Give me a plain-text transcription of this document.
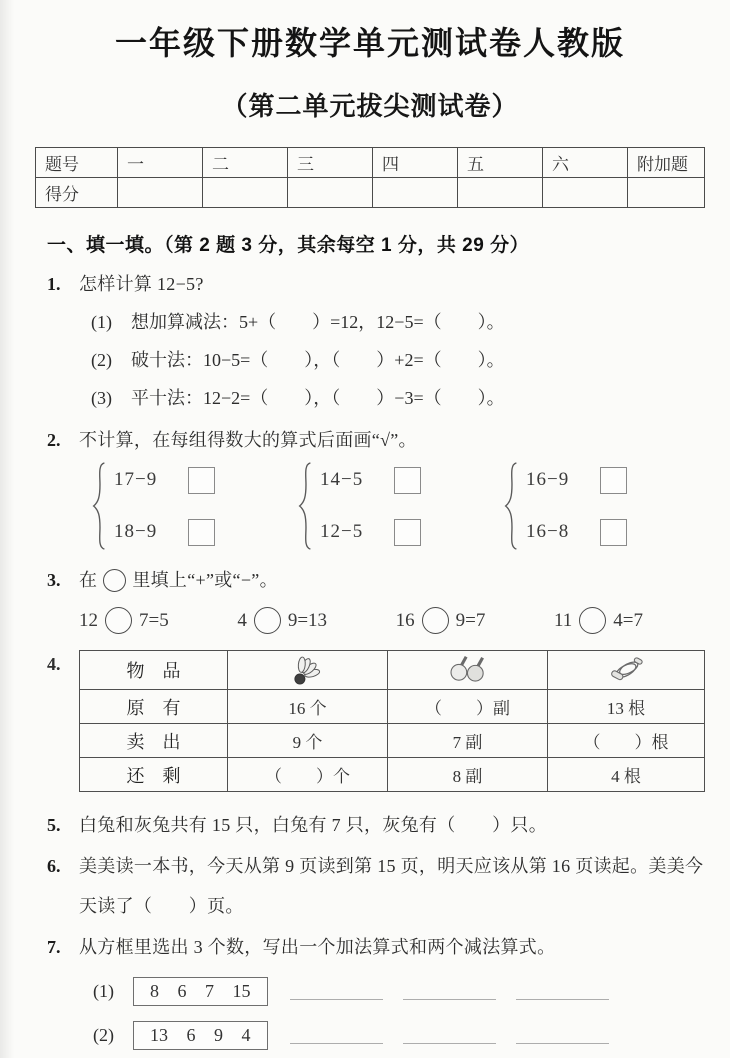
一年级下册数学单元测试卷人教版
（第二单元拔尖测试卷）
题号	一	二	三	四	五	六	附加题
得分							
一、填一填。（第 2 题 3 分，其余每空 1 分，共 29 分）
1.	怎样计算 12−5?
(1)	想加算减法：5+（　　）=12，12−5=（　　）。
(2)	破十法：10−5=（　　），（　　）+2=（　　）。
(3)	平十法：12−2=（　　），（　　）−3=（　　）。
2.	不计算，在每组得数大的算式后面画“√”。
17−9
18−9
14−5
12−5
16−9
16−8
3.	在 里填上“+”或“−”。
12 7=5	4 9=13	16 9=7	11 4=7
4.	物　品			
原　有	16 个	（　　）副	13 根
卖　出	9 个	7 副	（　　）根
还　剩	（　　）个	8 副	4 根
5.	白兔和灰兔共有 15 只，白兔有 7 只，灰兔有（　　）只。
6.	美美读一本书，今天从第 9 页读到第 15 页，明天应该从第 16 页读起。美美今天读了（　　）页。
7.	从方框里选出 3 个数，写出一个加法算式和两个减法算式。
(1)	8 6 7 15
(2)	13 6 9 4
